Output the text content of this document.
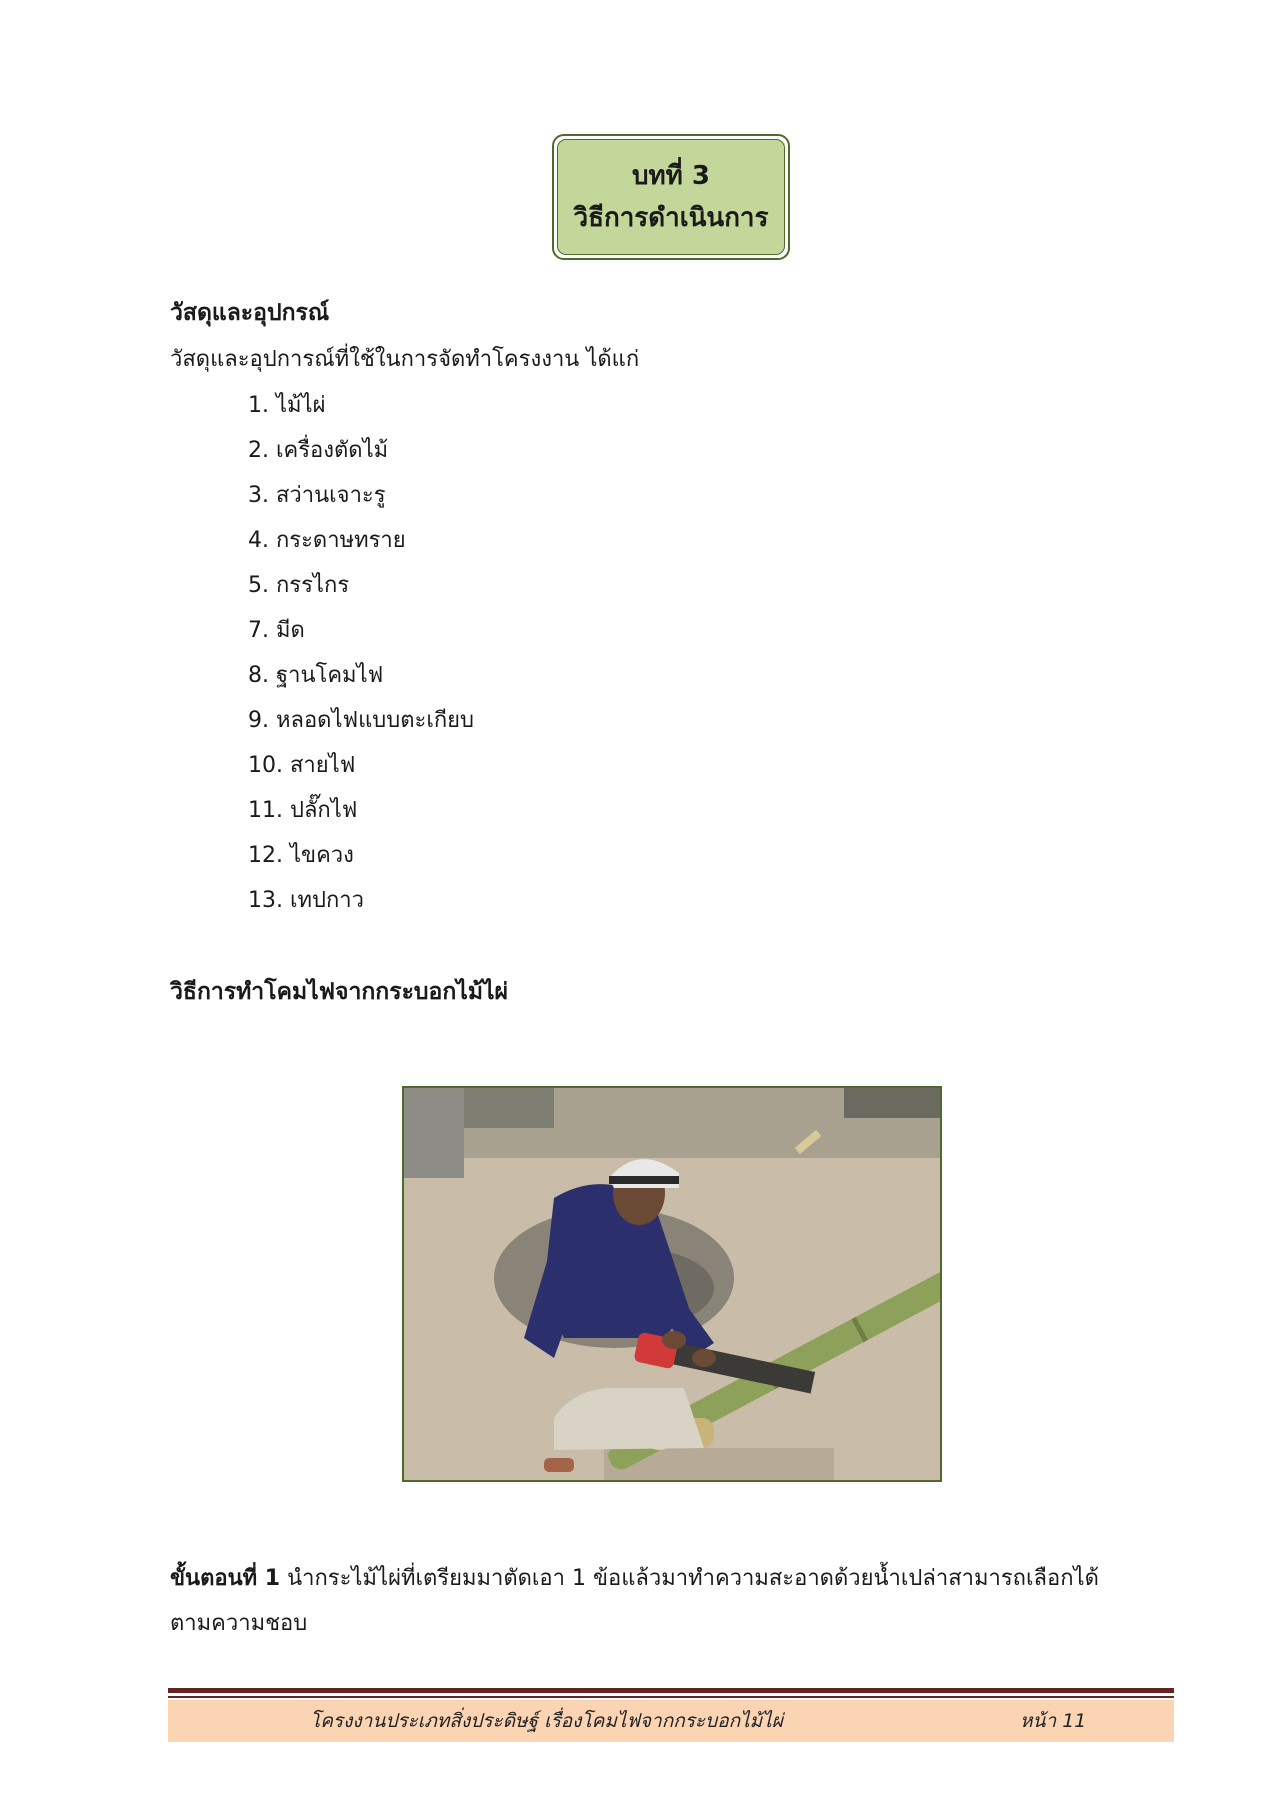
บทที่ 3
วิธีการดำเนินการ
วัสดุและอุปกรณ์
วัสดุและอุปการณ์ที่ใช้ในการจัดทำโครงงาน ได้แก่
1. ไม้ไผ่
2. เครื่องตัดไม้
3. สว่านเจาะรู
4. กระดาษทราย
5. กรรไกร
7. มีด
8. ฐานโคมไฟ
9. หลอดไฟแบบตะเกียบ
10. สายไฟ
11. ปลั๊กไฟ
12. ไขควง
13. เทปกาว
วิธีการทำโคมไฟจากกระบอกไม้ไผ่
ขั้นตอนที่ 1 นำกระไม้ไผ่ที่เตรียมมาตัดเอา 1 ข้อแล้วมาทำความสะอาดด้วยน้ำเปล่าสามารถเลือกได้ตามความชอบ
โครงงานประเภทสิ่งประดิษฐ์ เรื่องโคมไฟจากกระบอกไม้ไผ่	หน้า 11
